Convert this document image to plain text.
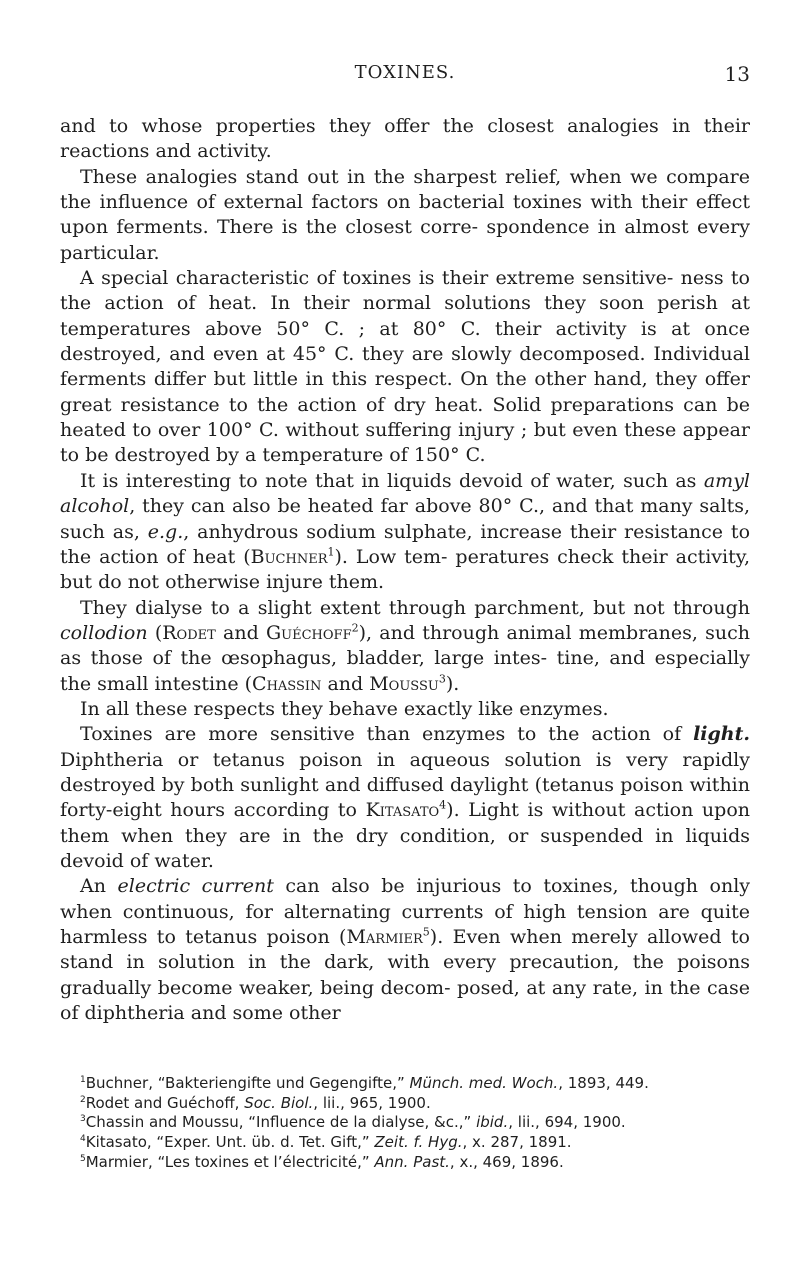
TOXINES.	13

and to whose properties they offer the closest analogies in their reactions and activity.

These analogies stand out in the sharpest relief, when we compare the influence of external factors on bacterial toxines with their effect upon ferments. There is the closest corre- spondence in almost every particular.

A special characteristic of toxines is their extreme sensitive- ness to the action of heat. In their normal solutions they soon perish at temperatures above 50° C. ; at 80° C. their activity is at once destroyed, and even at 45° C. they are slowly decomposed. Individual ferments differ but little in this respect. On the other hand, they offer great resistance to the action of dry heat. Solid preparations can be heated to over 100° C. without suffering injury ; but even these appear to be destroyed by a temperature of 150° C.

It is interesting to note that in liquids devoid of water, such as amyl alcohol, they can also be heated far above 80° C., and that many salts, such as, e.g., anhydrous sodium sulphate, increase their resistance to the action of heat (Buchner$^1$). Low tem- peratures check their activity, but do not otherwise injure them.

They dialyse to a slight extent through parchment, but not through collodion (Rodet and Guéchoff$^2$), and through animal membranes, such as those of the œsophagus, bladder, large intes- tine, and especially the small intestine (Chassin and Moussu$^3$).

In all these respects they behave exactly like enzymes.

Toxines are more sensitive than enzymes to the action of light. Diphtheria or tetanus poison in aqueous solution is very rapidly destroyed by both sunlight and diffused daylight (tetanus poison within forty-eight hours according to Kitasato$^4$). Light is without action upon them when they are in the dry condition, or suspended in liquids devoid of water.

An electric current can also be injurious to toxines, though only when continuous, for alternating currents of high tension are quite harmless to tetanus poison (Marmier$^5$). Even when merely allowed to stand in solution in the dark, with every precaution, the poisons gradually become weaker, being decom- posed, at any rate, in the case of diphtheria and some other

$^1$Buchner, “Bakteriengifte und Gegengifte,” Münch. med. Woch., 1893, 449.

$^2$Rodet and Guéchoff, Soc. Biol., lii., 965, 1900.

$^3$Chassin and Moussu, “Influence de la dialyse, &c.,” ibid., lii., 694, 1900.

$^4$Kitasato, “Exper. Unt. üb. d. Tet. Gift,” Zeit. f. Hyg., x. 287, 1891.

$^5$Marmier, “Les toxines et l’électricité,” Ann. Past., x., 469, 1896.
